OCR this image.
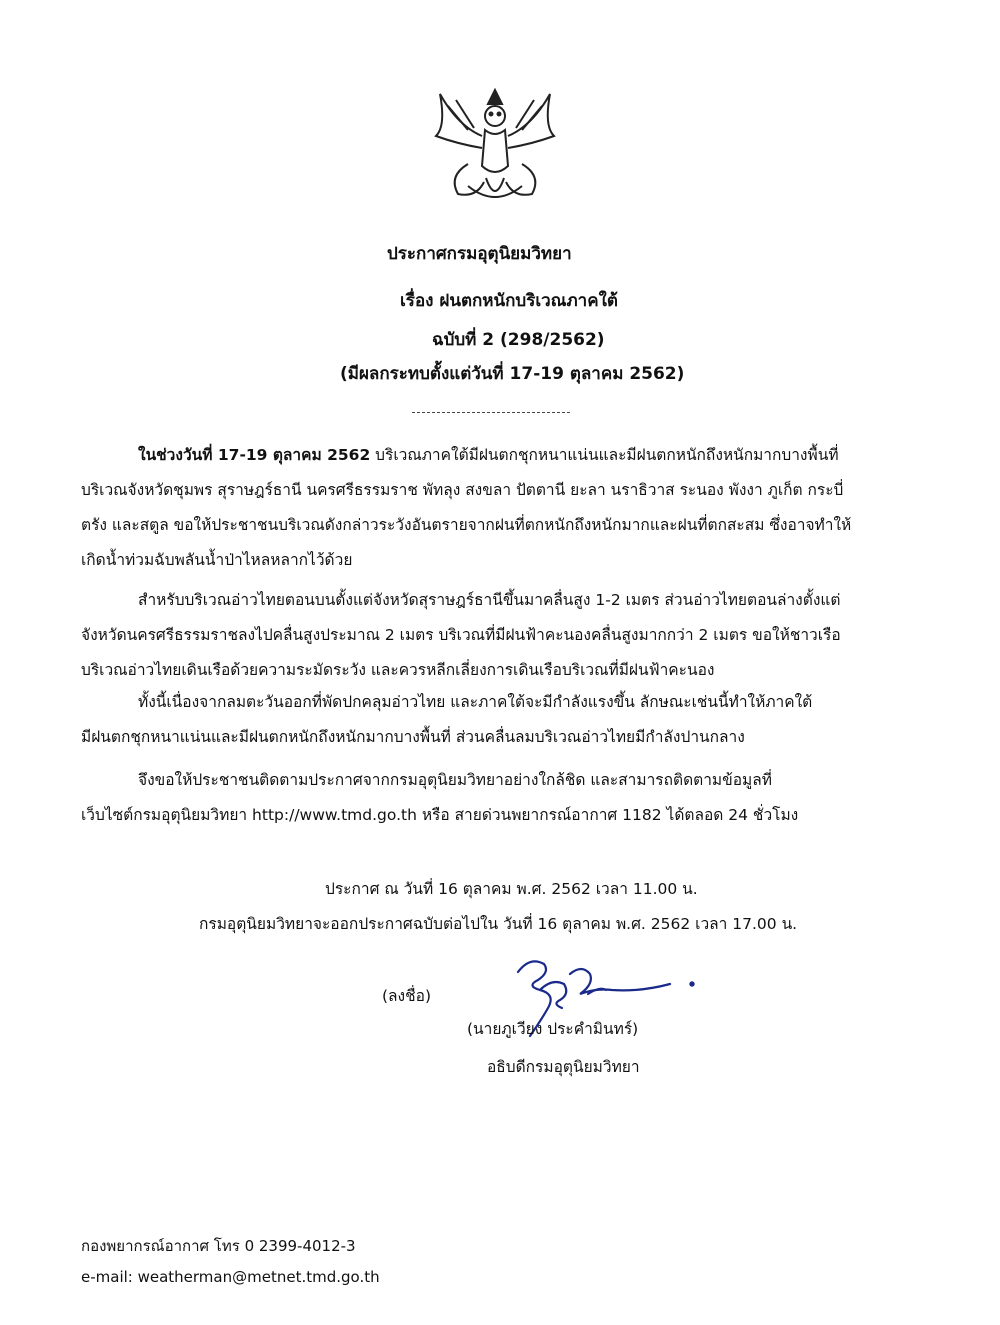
ประกาศกรมอุตุนิยมวิทยา
เรื่อง ฝนตกหนักบริเวณภาคใต้
ฉบับที่ 2 (298/2562)
(มีผลกระทบตั้งแต่วันที่ 17-19 ตุลาคม 2562)
ในช่วงวันที่ 17-19 ตุลาคม 2562 บริเวณภาคใต้มีฝนตกชุกหนาแน่นและมีฝนตกหนักถึงหนักมากบางพื้นที่
บริเวณจังหวัดชุมพร สุราษฎร์ธานี นครศรีธรรมราช พัทลุง สงขลา ปัตตานี ยะลา นราธิวาส ระนอง พังงา ภูเก็ต กระบี่
ตรัง และสตูล ขอให้ประชาชนบริเวณดังกล่าวระวังอันตรายจากฝนที่ตกหนักถึงหนักมากและฝนที่ตกสะสม ซึ่งอาจทำให้
เกิดน้ำท่วมฉับพลันน้ำป่าไหลหลากไว้ด้วย
สำหรับบริเวณอ่าวไทยตอนบนตั้งแต่จังหวัดสุราษฎร์ธานีขึ้นมาคลื่นสูง 1-2 เมตร ส่วนอ่าวไทยตอนล่างตั้งแต่
จังหวัดนครศรีธรรมราชลงไปคลื่นสูงประมาณ 2 เมตร บริเวณที่มีฝนฟ้าคะนองคลื่นสูงมากกว่า 2 เมตร ขอให้ชาวเรือ
บริเวณอ่าวไทยเดินเรือด้วยความระมัดระวัง และควรหลีกเลี่ยงการเดินเรือบริเวณที่มีฝนฟ้าคะนอง
ทั้งนี้เนื่องจากลมตะวันออกที่พัดปกคลุมอ่าวไทย และภาคใต้จะมีกำลังแรงขึ้น ลักษณะเช่นนี้ทำให้ภาคใต้
มีฝนตกชุกหนาแน่นและมีฝนตกหนักถึงหนักมากบางพื้นที่ ส่วนคลื่นลมบริเวณอ่าวไทยมีกำลังปานกลาง
จึงขอให้ประชาชนติดตามประกาศจากกรมอุตุนิยมวิทยาอย่างใกล้ชิด และสามารถติดตามข้อมูลที่
เว็บไซต์กรมอุตุนิยมวิทยา http://www.tmd.go.th หรือ สายด่วนพยากรณ์อากาศ 1182 ได้ตลอด 24 ชั่วโมง
ประกาศ ณ วันที่ 16 ตุลาคม พ.ศ. 2562 เวลา 11.00 น.
กรมอุตุนิยมวิทยาจะออกประกาศฉบับต่อไปใน วันที่ 16 ตุลาคม พ.ศ. 2562 เวลา 17.00 น.
(ลงชื่อ)
(นายภูเวียง ประคำมินทร์)
อธิบดีกรมอุตุนิยมวิทยา
กองพยากรณ์อากาศ โทร 0 2399-4012-3
e-mail: weatherman@metnet.tmd.go.th
